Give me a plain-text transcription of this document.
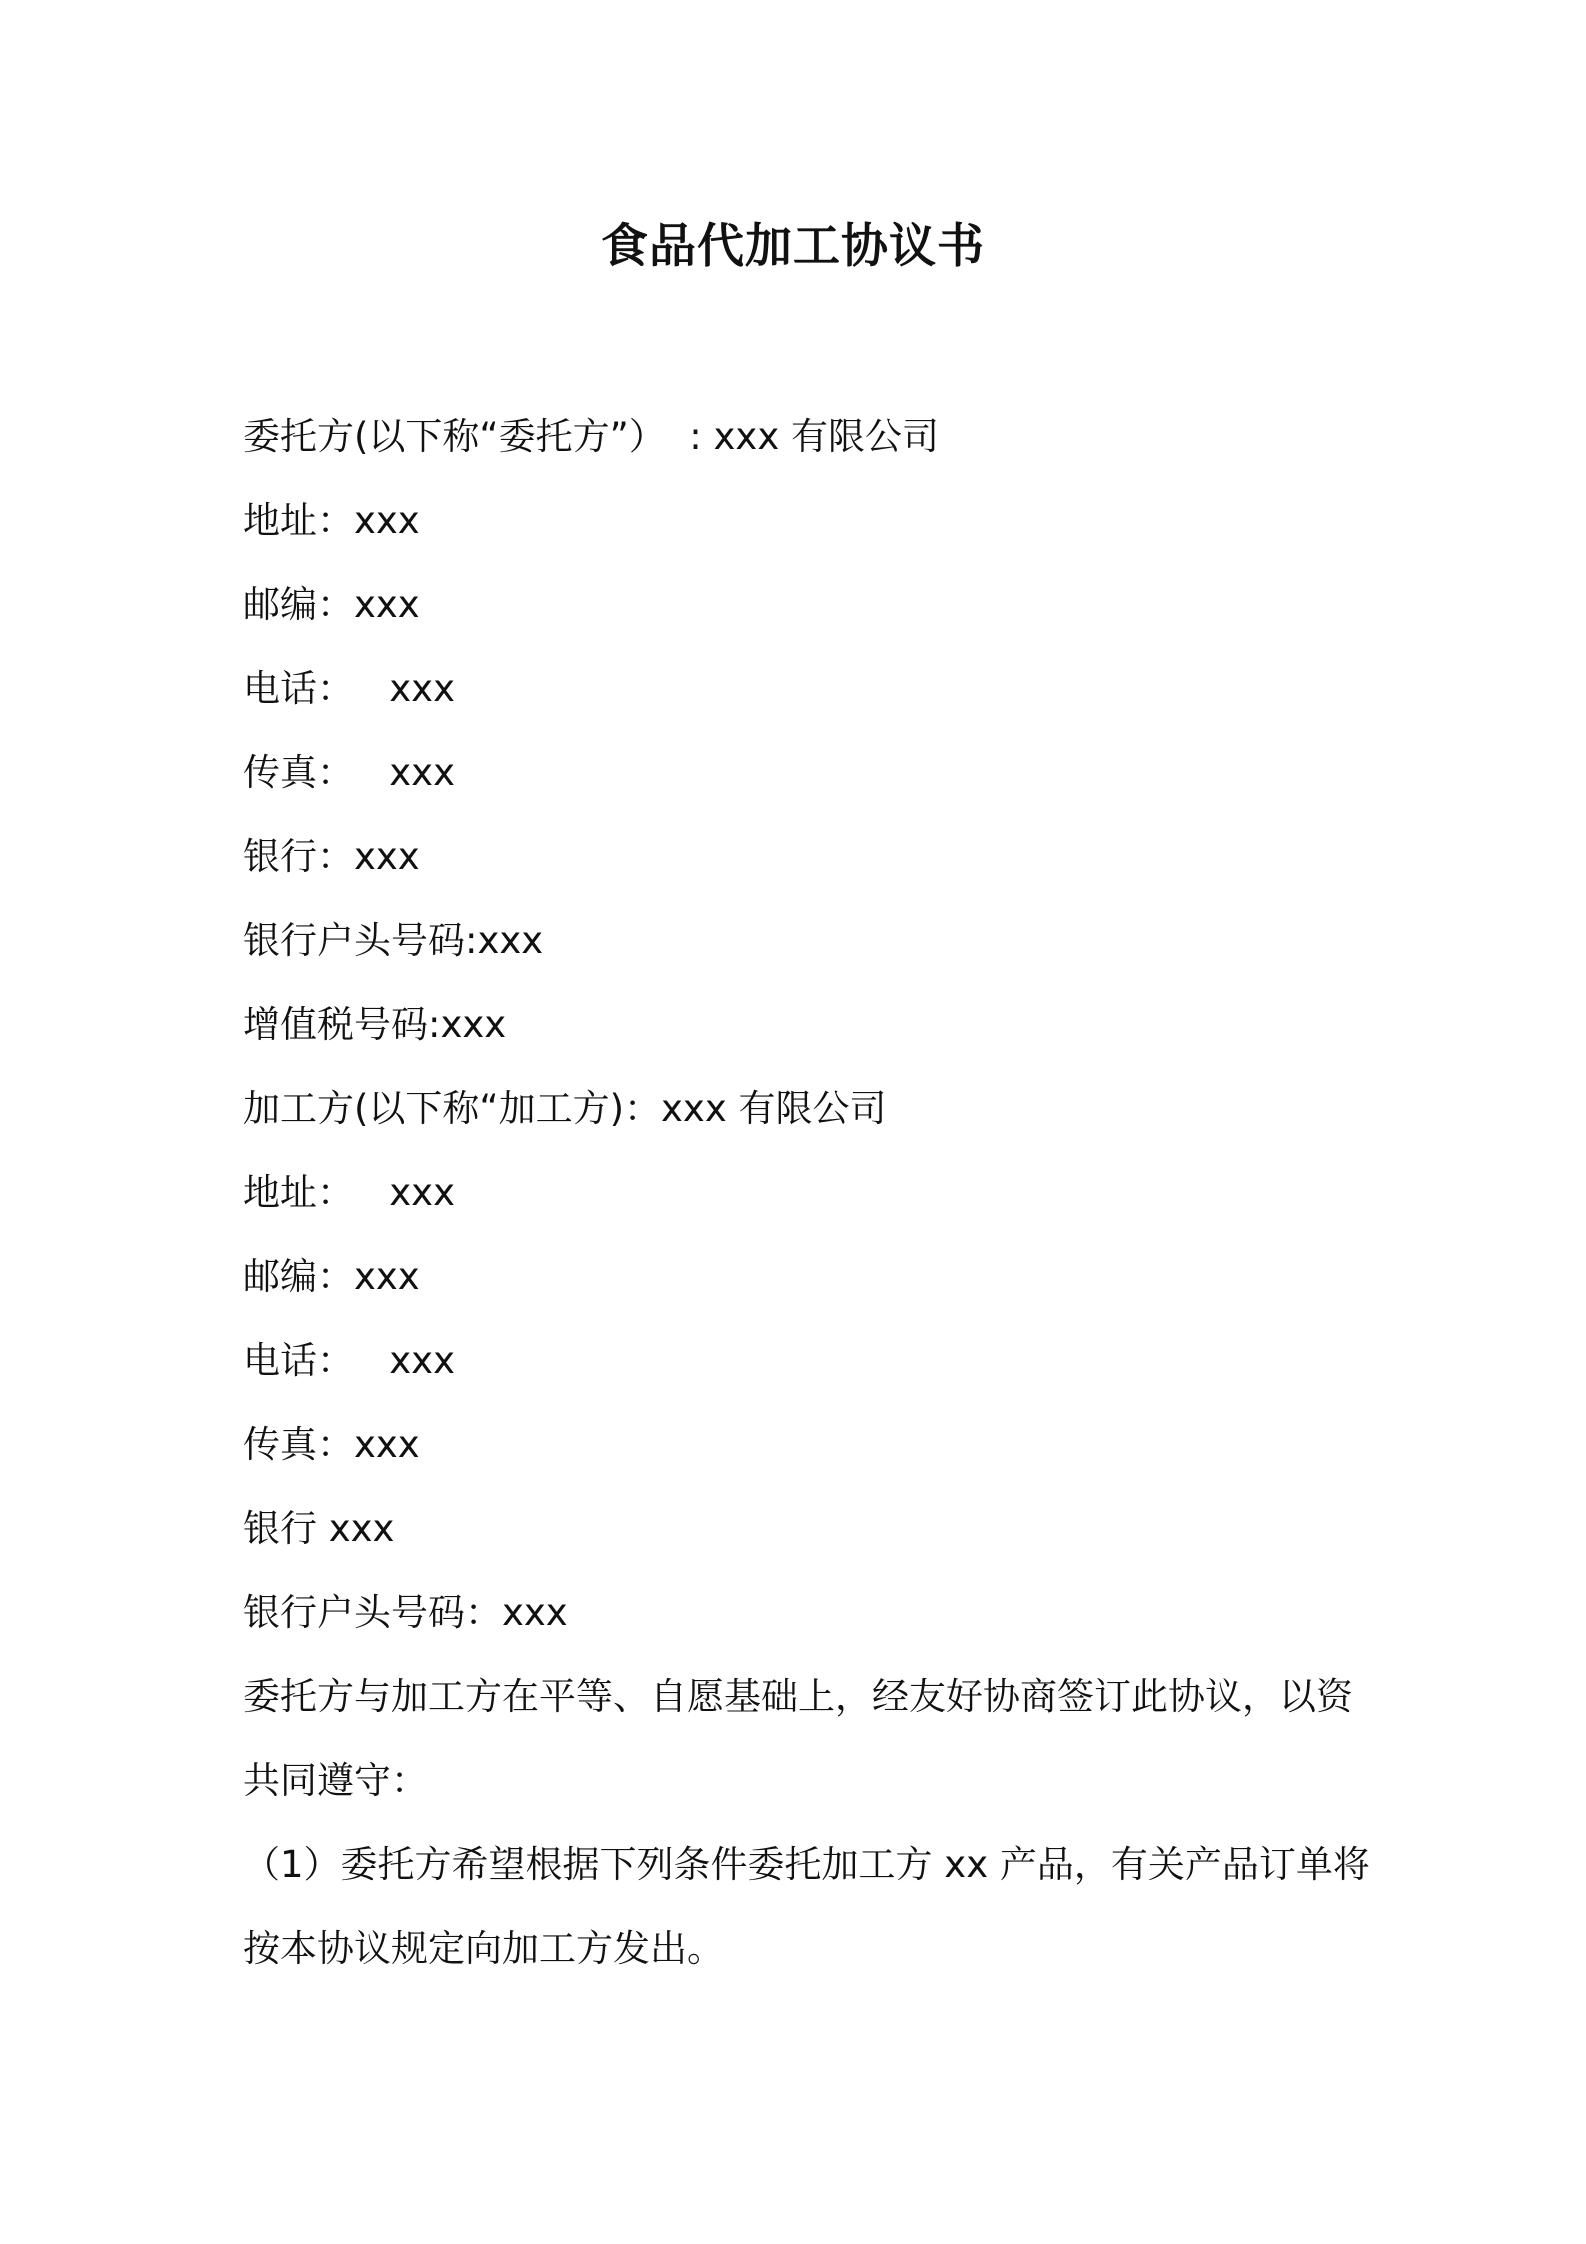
食品代加工协议书

委托方(以下称“委托方”）  : xxx 有限公司

地址：xxx

邮编：xxx

电话：   xxx

传真：   xxx

银行：xxx

银行户头号码:xxx

增值税号码:xxx

加工方(以下称“加工方)：xxx 有限公司

地址：   xxx

邮编：xxx

电话：   xxx

传真：xxx

银行 xxx

银行户头号码：xxx

委托方与加工方在平等、自愿基础上，经友好协商签订此协议，以资

共同遵守：

（1）委托方希望根据下列条件委托加工方 xx 产品，有关产品订单将

按本协议规定向加工方发出。
